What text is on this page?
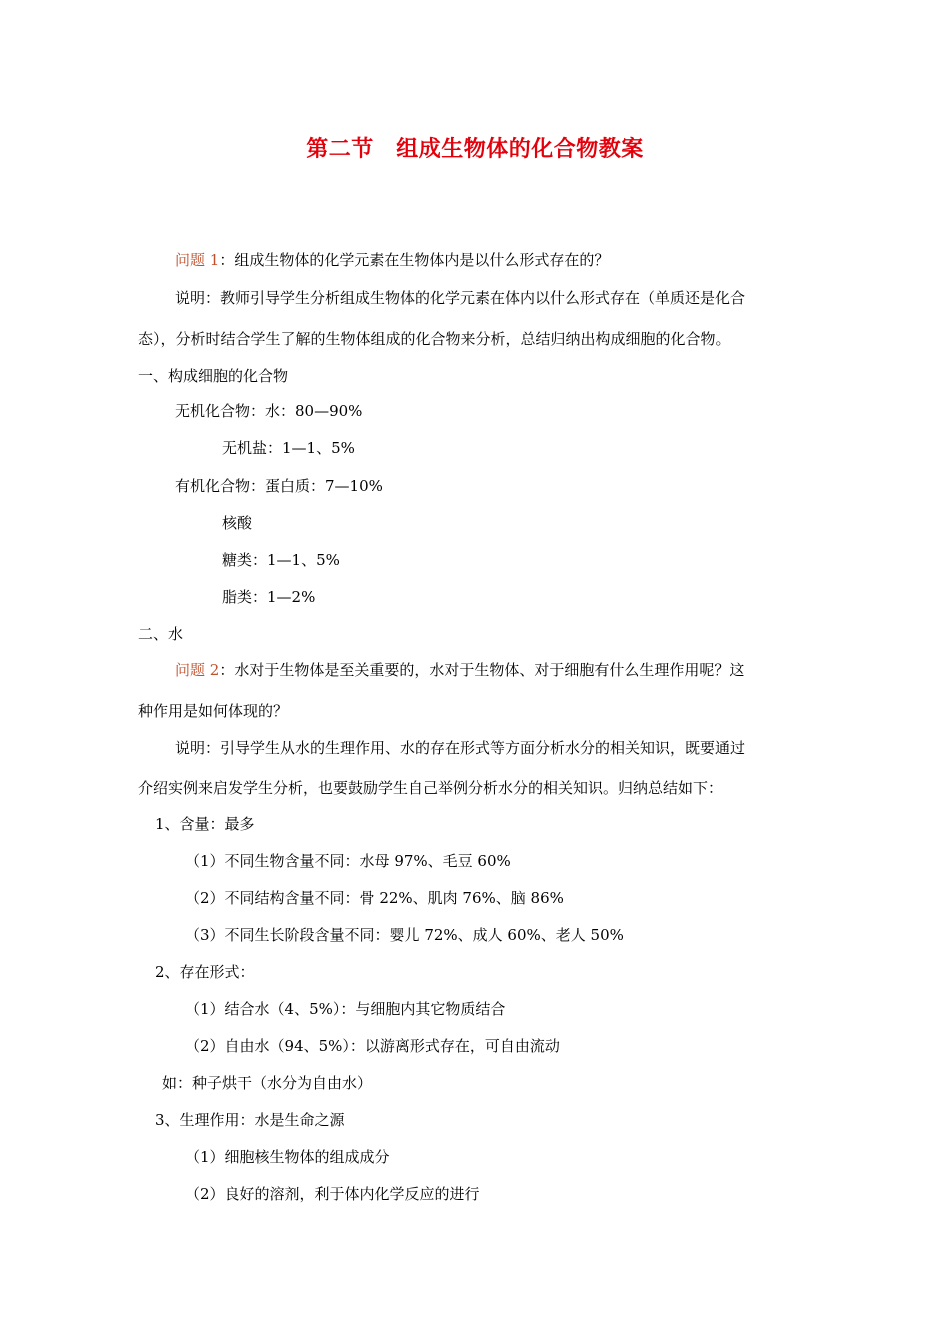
第二节　组成生物体的化合物教案
问题 1：组成生物体的化学元素在生物体内是以什么形式存在的？
说明：教师引导学生分析组成生物体的化学元素在体内以什么形式存在（单质还是化合
态），分析时结合学生了解的生物体组成的化合物来分析，总结归纳出构成细胞的化合物。
一、构成细胞的化合物
无机化合物：水：80—90%
无机盐：1—1、5%
有机化合物：蛋白质：7—10%
核酸
糖类：1—1、5%
脂类：1—2%
二、水
问题 2：水对于生物体是至关重要的，水对于生物体、对于细胞有什么生理作用呢？这
种作用是如何体现的？
说明：引导学生从水的生理作用、水的存在形式等方面分析水分的相关知识，既要通过
介绍实例来启发学生分析，也要鼓励学生自己举例分析水分的相关知识。归纳总结如下：
1、含量：最多
（1）不同生物含量不同：水母 97%、毛豆 60%
（2）不同结构含量不同：骨 22%、肌肉 76%、脑 86%
（3）不同生长阶段含量不同：婴儿 72%、成人 60%、老人 50%
2、存在形式：
（1）结合水（4、5%）：与细胞内其它物质结合
（2）自由水（94、5%）：以游离形式存在，可自由流动
如：种子烘干（水分为自由水）
3、生理作用：水是生命之源
（1）细胞核生物体的组成成分
（2）良好的溶剂，利于体内化学反应的进行
